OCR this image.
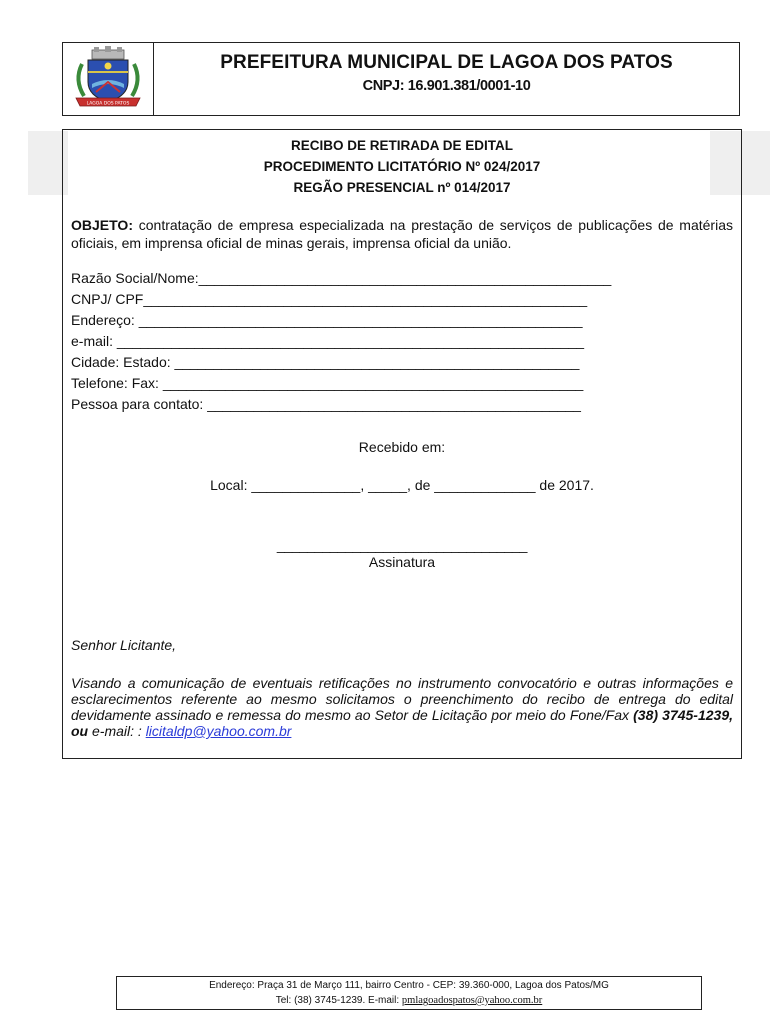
LAGOA DOS PATOS
PREFEITURA MUNICIPAL DE LAGOA DOS PATOS
CNPJ: 16.901.381/0001-10
RECIBO DE RETIRADA DE EDITAL
PROCEDIMENTO LICITATÓRIO Nº 024/2017
REGÃO PRESENCIAL nº 014/2017
OBJETO: contratação de empresa especializada na prestação de serviços de publicações de matérias oficiais, em imprensa oficial de minas gerais, imprensa oficial da união.
Razão Social/Nome:_____________________________________________________
CNPJ/ CPF_________________________________________________________
Endereço: _________________________________________________________
e-mail: ____________________________________________________________
Cidade: Estado: ____________________________________________________
Telefone: Fax: ______________________________________________________
Pessoa para contato: ________________________________________________
Recebido em:
Local: ______________, _____, de _____________ de 2017.
_________________________________
Assinatura
Senhor Licitante,
Visando a comunicação de eventuais retificações no instrumento convocatório e outras informações e esclarecimentos referente ao mesmo solicitamos o preenchimento do recibo de entrega do edital devidamente assinado e remessa do mesmo ao Setor de Licitação por meio do Fone/Fax (38) 3745-1239, ou e-mail: : licitaldp@yahoo.com.br
Endereço: Praça 31 de Março 111, bairro Centro - CEP: 39.360-000, Lagoa dos Patos/MG
Tel: (38) 3745-1239. E-mail: pmlagoadospatos@yahoo.com.br
